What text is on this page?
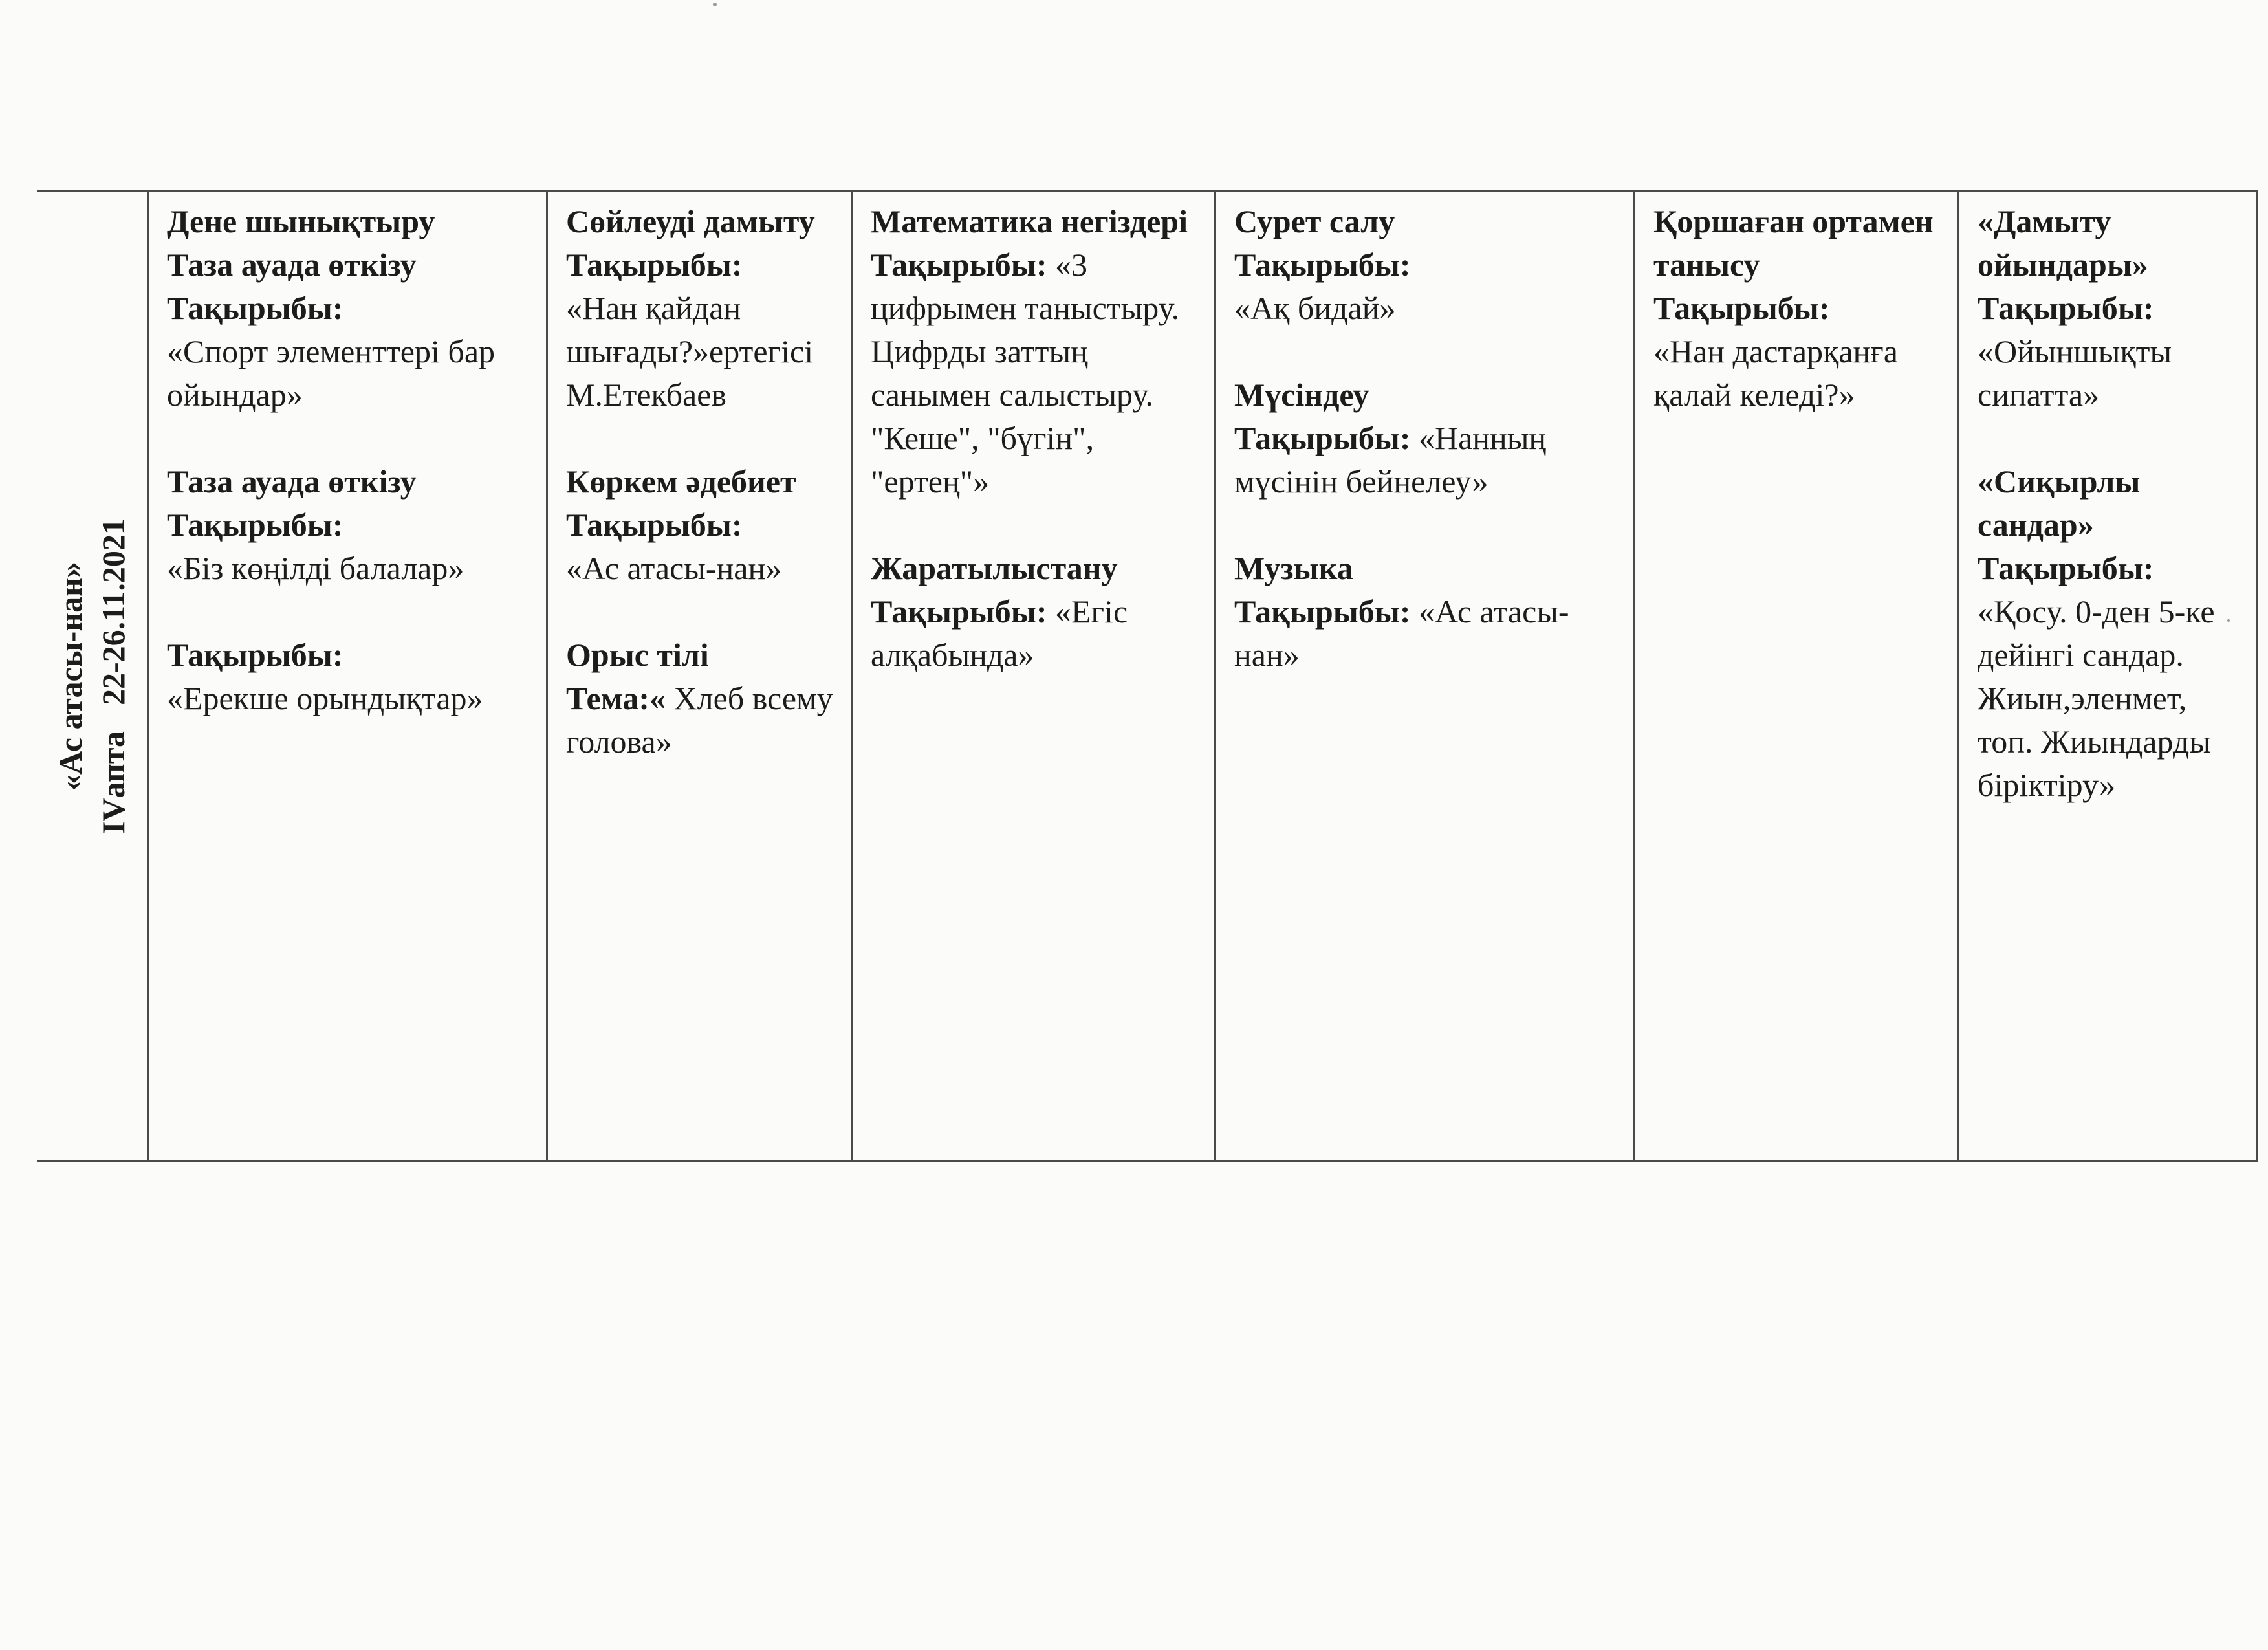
«Ас атасы-нан» IVапта22-26.11.2021

Дене шынықтыру
Таза ауада өткізу

Тақырыбы:

«Спорт элементтері бар ойындар»

Таза ауада өткізу

Тақырыбы:

«Біз көңілді балалар»

Тақырыбы:

«Ерекше орындықтар»

Сөйлеуді дамыту

Тақырыбы:

«Нан қайдан шығады?»ертегісі
М.Етекбаев

Көркем әдебиет

Тақырыбы:

«Ас атасы-нан»

Орыс тілі

Тема:« Хлеб всему голова»

Математика негіздері

Тақырыбы: «3 цифрымен таныстыру. Цифрды заттың санымен салыстыру. "Кеше", "бүгін", "ертең"»

Жаратылыстану

Тақырыбы: «Егіс алқабында»

Сурет салу

Тақырыбы:

«Ақ бидай»

Мүсіндеу

Тақырыбы: «Нанның мүсінін бейнелеу»

Музыка

Тақырыбы: «Ас атасы- нан»

Қоршаған ортамен танысу

Тақырыбы:

«Нан дастарқанға қалай келеді?»

«Дамыту ойындары»

Тақырыбы:

«Ойыншықты сипатта»

«Сиқырлы сандар»

Тақырыбы:

«Қосу. 0-ден 5-ке дейінгі сандар. Жиын,эленмет, топ. Жиындарды біріктіру»
